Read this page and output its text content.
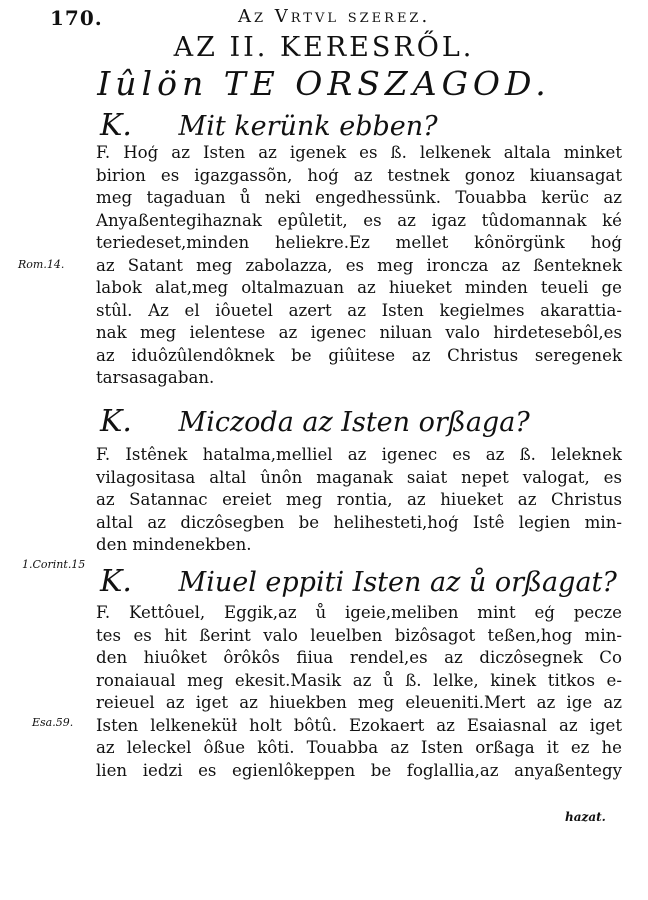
170.	Az Vrtvl szerez.
AZ II. KERESRŐL.
Iûlön TE ORSZAGOD.
K. Mit kerünk ebben?
F. Hoģ az Isten az igenek es ß. lelkenek altala minket
birion es igazgassõn, hoģ az testnek gonoz kiuansagat
meg tagaduan ů neki engedhessünk. Touabba kerüc az
Anyaßentegihaznak epûletit, es az igaz tûdomannak ké
teriedeset,minden heliekre.Ez mellet kônörgünk hoģ
az Satant meg zabolazza, es meg ironcza az ßenteknek
labok alat,meg oltalmazuan az hiueket minden teueli ge
stûl. Az el iôuetel azert az Isten kegielmes akarattia-
nak meg ielentese az igenec niluan valo hirdetesebôl,es
az iduôzûlendôknek be giûitese az Christus seregenek
tarsasagaban.
K. Miczoda az Isten orßaga?
F. Istênek hatalma,melliel az igenec es az ß. leleknek
vilagositasa altal ûnôn maganak saiat nepet valogat, es
az Satannac ereiet meg rontia, az hiueket az Christus
altal az diczôsegben be helihesteti,hoģ Istê legien min-
den mindenekben.
K. Miuel eppiti Isten az ů orßagat?
F. Kettôuel, Eggik,az ů igeie,meliben mint eģ pecze
tes es hit ßerint valo leuelben bizôsagot teßen,hog min-
den hiuôket ôrôkôs fiiua rendel,es az diczôsegnek Co
ronaiaual meg ekesit.Masik az ů ß. lelke, kinek titkos e-
reieuel az iget az hiuekben meg eleueniti.Mert az ige az
Isten lelkeneküł holt bôtû. Ezokaert az Esaiasnal az iget
az leleckel ôßue kôti. Touabba az Isten orßaga it ez he
lien iedzi es egienlôkeppen be foglallia,az anyaßentegy
Rom.14.
1.Corint.15
Esa.59.
hazat.
